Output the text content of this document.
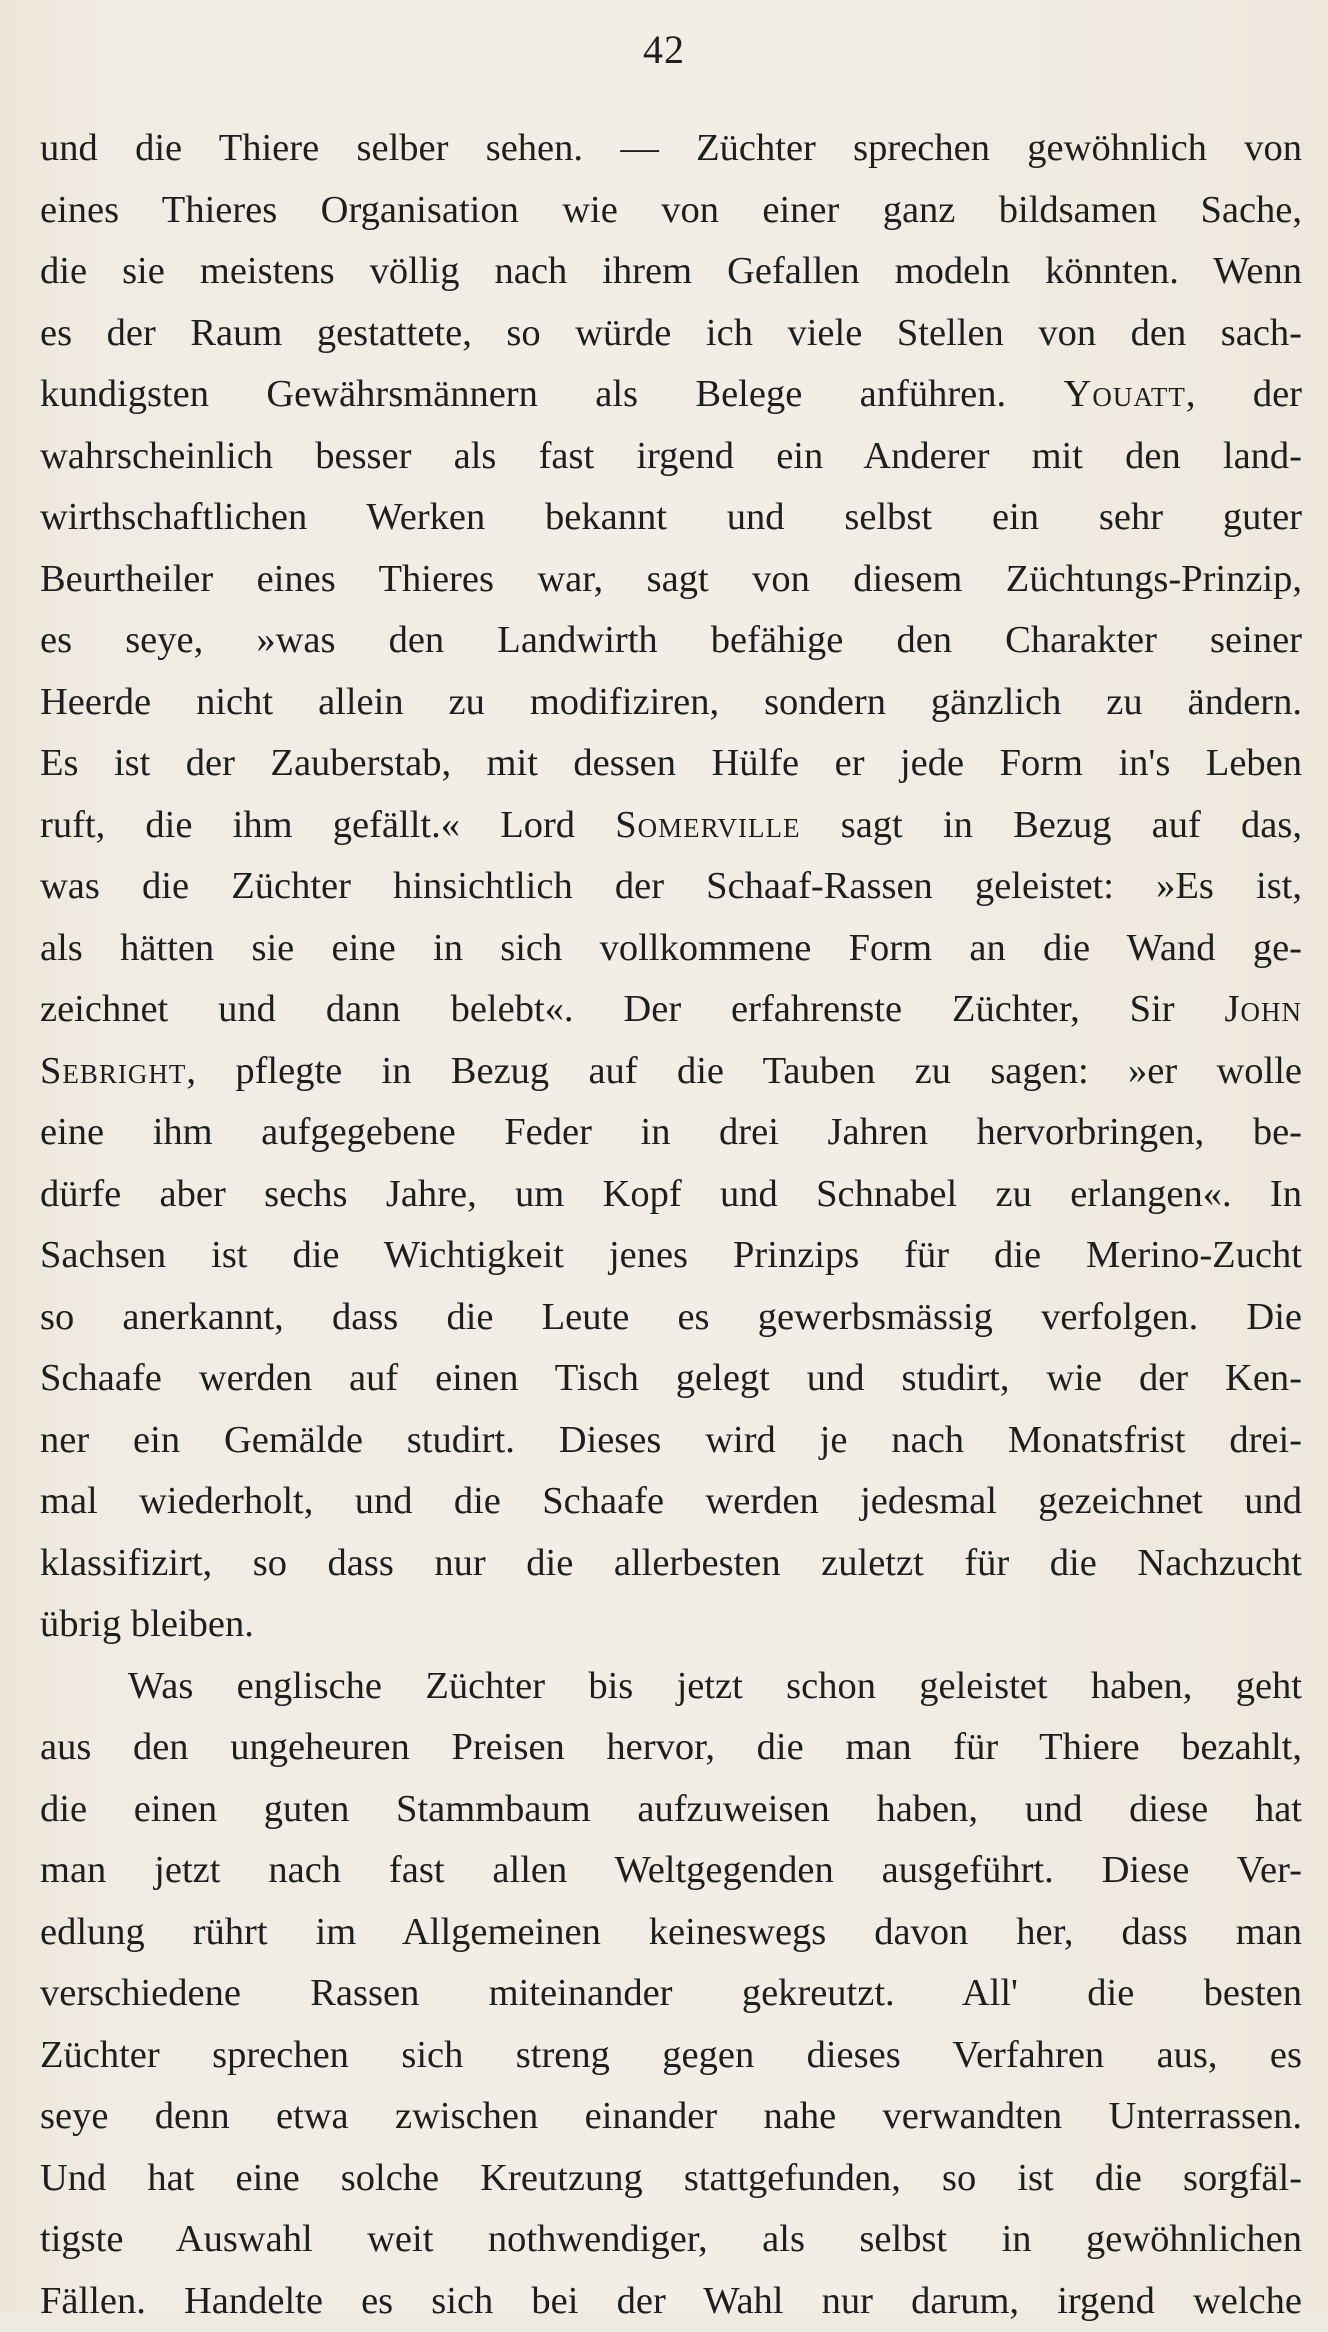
42
und die Thiere selber sehen. — Züchter sprechen gewöhnlich von
eines Thieres Organisation wie von einer ganz bildsamen Sache,
die sie meistens völlig nach ihrem Gefallen modeln könnten. Wenn
es der Raum gestattete, so würde ich viele Stellen von den sach-
kundigsten Gewährsmännern als Belege anführen. Youatt, der
wahrscheinlich besser als fast irgend ein Anderer mit den land-
wirthschaftlichen Werken bekannt und selbst ein sehr guter
Beurtheiler eines Thieres war, sagt von diesem Züchtungs-Prinzip,
es seye, »was den Landwirth befähige den Charakter seiner
Heerde nicht allein zu modifiziren, sondern gänzlich zu ändern.
Es ist der Zauberstab, mit dessen Hülfe er jede Form in's Leben
ruft, die ihm gefällt.« Lord Somerville sagt in Bezug auf das,
was die Züchter hinsichtlich der Schaaf-Rassen geleistet: »Es ist,
als hätten sie eine in sich vollkommene Form an die Wand ge-
zeichnet und dann belebt«. Der erfahrenste Züchter, Sir John
Sebright, pflegte in Bezug auf die Tauben zu sagen: »er wolle
eine ihm aufgegebene Feder in drei Jahren hervorbringen, be-
dürfe aber sechs Jahre, um Kopf und Schnabel zu erlangen«. In
Sachsen ist die Wichtigkeit jenes Prinzips für die Merino-Zucht
so anerkannt, dass die Leute es gewerbsmässig verfolgen. Die
Schaafe werden auf einen Tisch gelegt und studirt, wie der Ken-
ner ein Gemälde studirt. Dieses wird je nach Monatsfrist drei-
mal wiederholt, und die Schaafe werden jedesmal gezeichnet und
klassifizirt, so dass nur die allerbesten zuletzt für die Nachzucht
übrig bleiben.
Was englische Züchter bis jetzt schon geleistet haben, geht
aus den ungeheuren Preisen hervor, die man für Thiere bezahlt,
die einen guten Stammbaum aufzuweisen haben, und diese hat
man jetzt nach fast allen Weltgegenden ausgeführt. Diese Ver-
edlung rührt im Allgemeinen keineswegs davon her, dass man
verschiedene Rassen miteinander gekreutzt. All' die besten
Züchter sprechen sich streng gegen dieses Verfahren aus, es
seye denn etwa zwischen einander nahe verwandten Unterrassen.
Und hat eine solche Kreutzung stattgefunden, so ist die sorgfäl-
tigste Auswahl weit nothwendiger, als selbst in gewöhnlichen
Fällen. Handelte es sich bei der Wahl nur darum, irgend welche
